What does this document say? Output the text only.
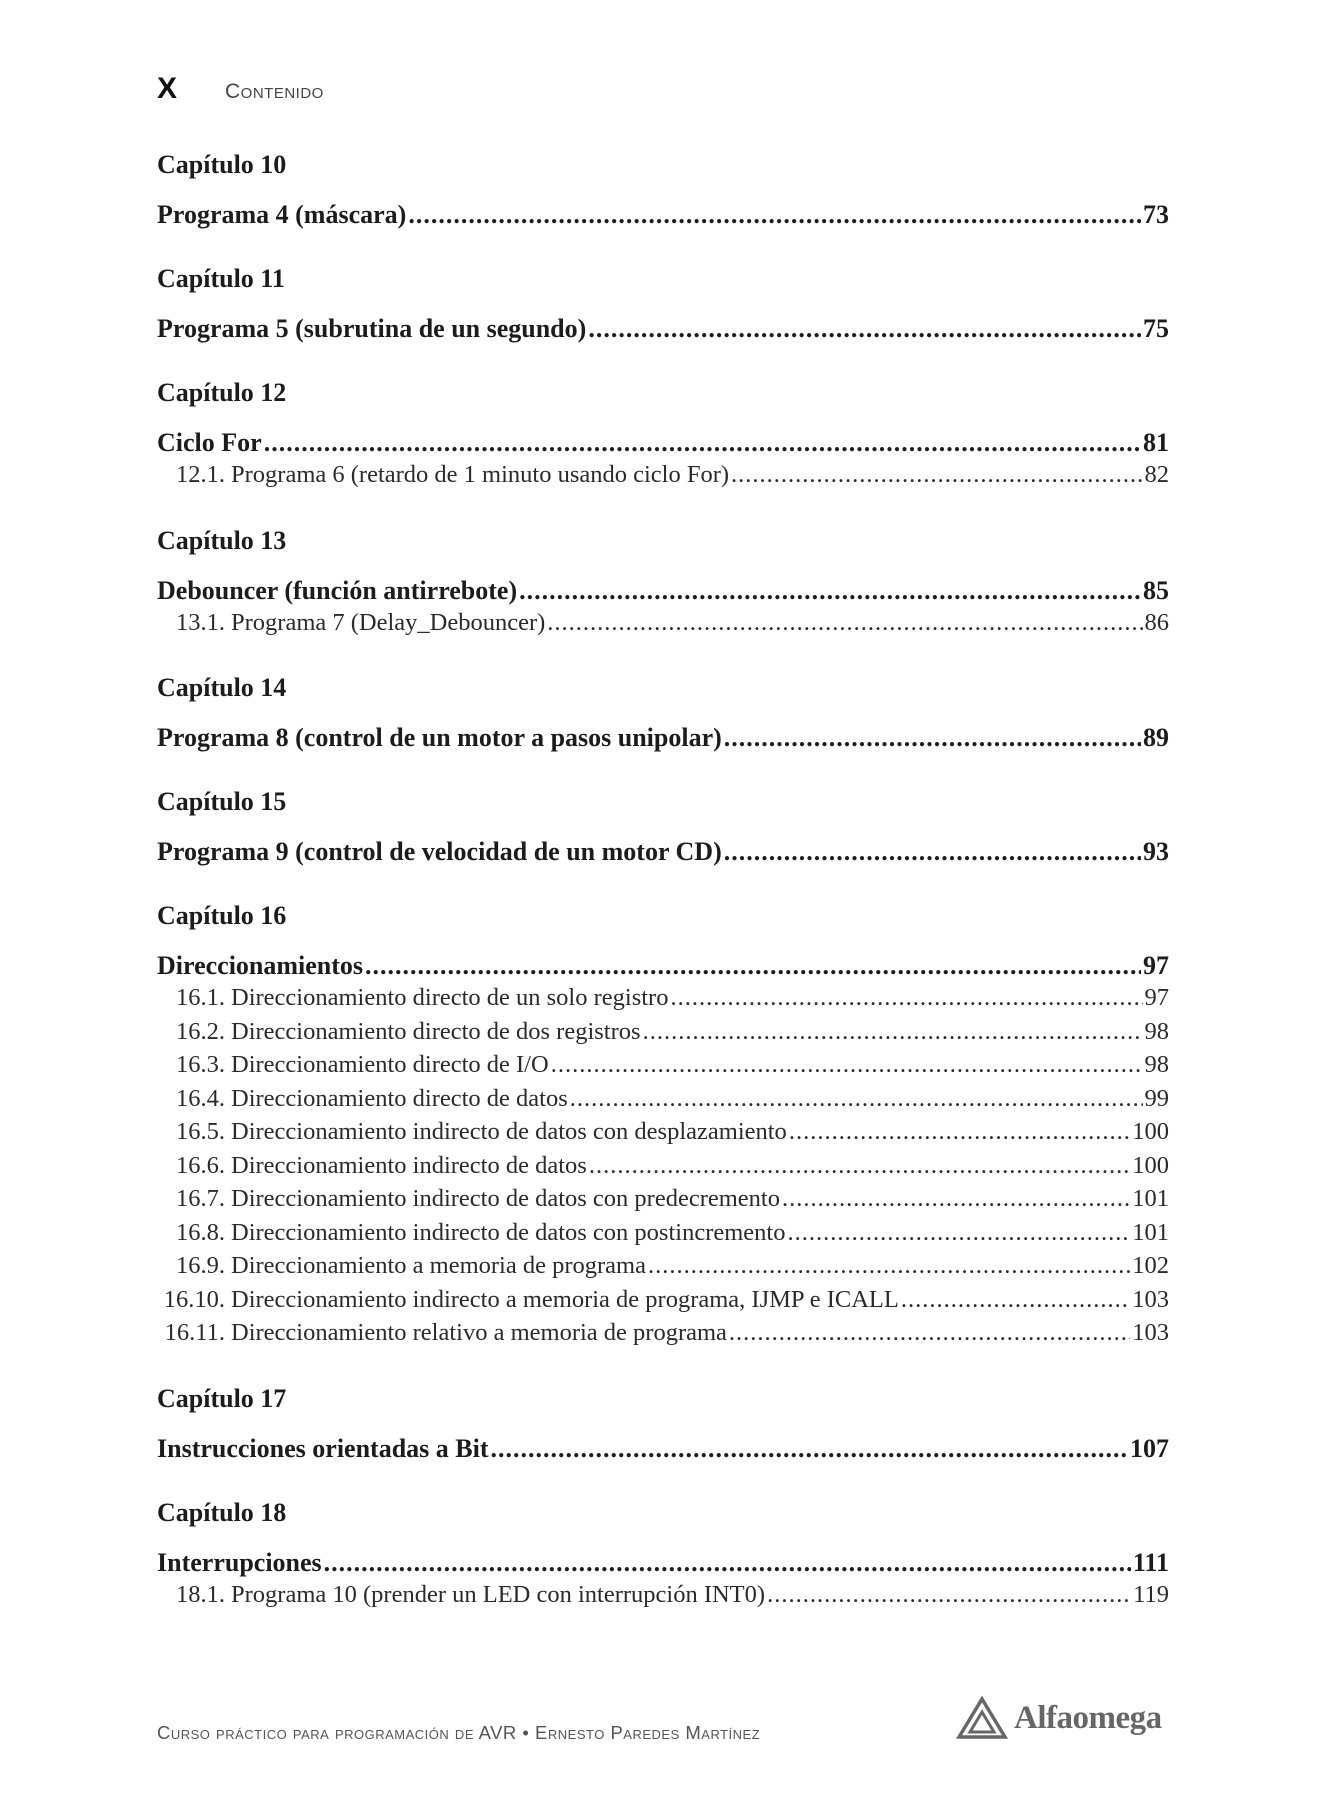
X Contenido
Capítulo 10
Programa 4 (máscara) .....	73
Capítulo 11
Programa 5 (subrutina de un segundo) .....	75
Capítulo 12
Ciclo For .....	81
12.1. Programa 6 (retardo de 1 minuto usando ciclo For) .....	82
Capítulo 13
Debouncer (función antirrebote) .....	85
13.1. Programa 7 (Delay_Debouncer) .....	86
Capítulo 14
Programa 8 (control de un motor a pasos unipolar) .....	89
Capítulo 15
Programa 9 (control de velocidad de un motor CD) .....	93
Capítulo 16
Direccionamientos .....	97
16.1. Direccionamiento directo de un solo registro .....	97
16.2. Direccionamiento directo de dos registros .....	98
16.3. Direccionamiento directo de I/O .....	98
16.4. Direccionamiento directo de datos .....	99
16.5. Direccionamiento indirecto de datos con desplazamiento .....	100
16.6. Direccionamiento indirecto de datos .....	100
16.7. Direccionamiento indirecto de datos con predecremento .....	101
16.8. Direccionamiento indirecto de datos con postincremento .....	101
16.9. Direccionamiento a memoria de programa .....	102
16.10. Direccionamiento indirecto a memoria de programa, IJMP e ICALL .....	103
16.11. Direccionamiento relativo a memoria de programa .....	103
Capítulo 17
Instrucciones orientadas a Bit .....	107
Capítulo 18
Interrupciones .....	111
18.1. Programa 10 (prender un LED con interrupción INT0) .....	119
Curso práctico para programación de AVR • Ernesto Paredes Martínez	Alfaomega
